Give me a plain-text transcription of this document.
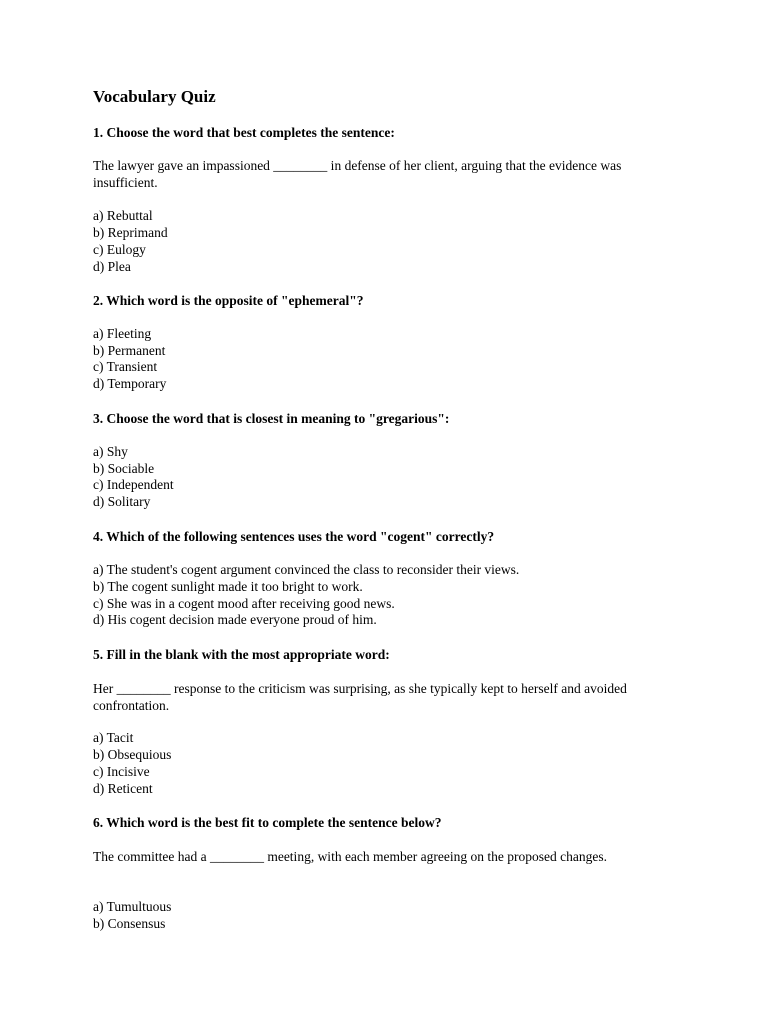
Vocabulary Quiz
1. Choose the word that best completes the sentence:
The lawyer gave an impassioned ________ in defense of her client, arguing that the evidence was insufficient.
a) Rebuttal
b) Reprimand
c) Eulogy
d) Plea
2. Which word is the opposite of "ephemeral"?
a) Fleeting
b) Permanent
c) Transient
d) Temporary
3. Choose the word that is closest in meaning to "gregarious":
a) Shy
b) Sociable
c) Independent
d) Solitary
4. Which of the following sentences uses the word "cogent" correctly?
a) The student's cogent argument convinced the class to reconsider their views.
b) The cogent sunlight made it too bright to work.
c) She was in a cogent mood after receiving good news.
d) His cogent decision made everyone proud of him.
5. Fill in the blank with the most appropriate word:
Her ________ response to the criticism was surprising, as she typically kept to herself and avoided confrontation.
a) Tacit
b) Obsequious
c) Incisive
d) Reticent
6. Which word is the best fit to complete the sentence below?
The committee had a ________ meeting, with each member agreeing on the proposed changes.
a) Tumultuous
b) Consensus
